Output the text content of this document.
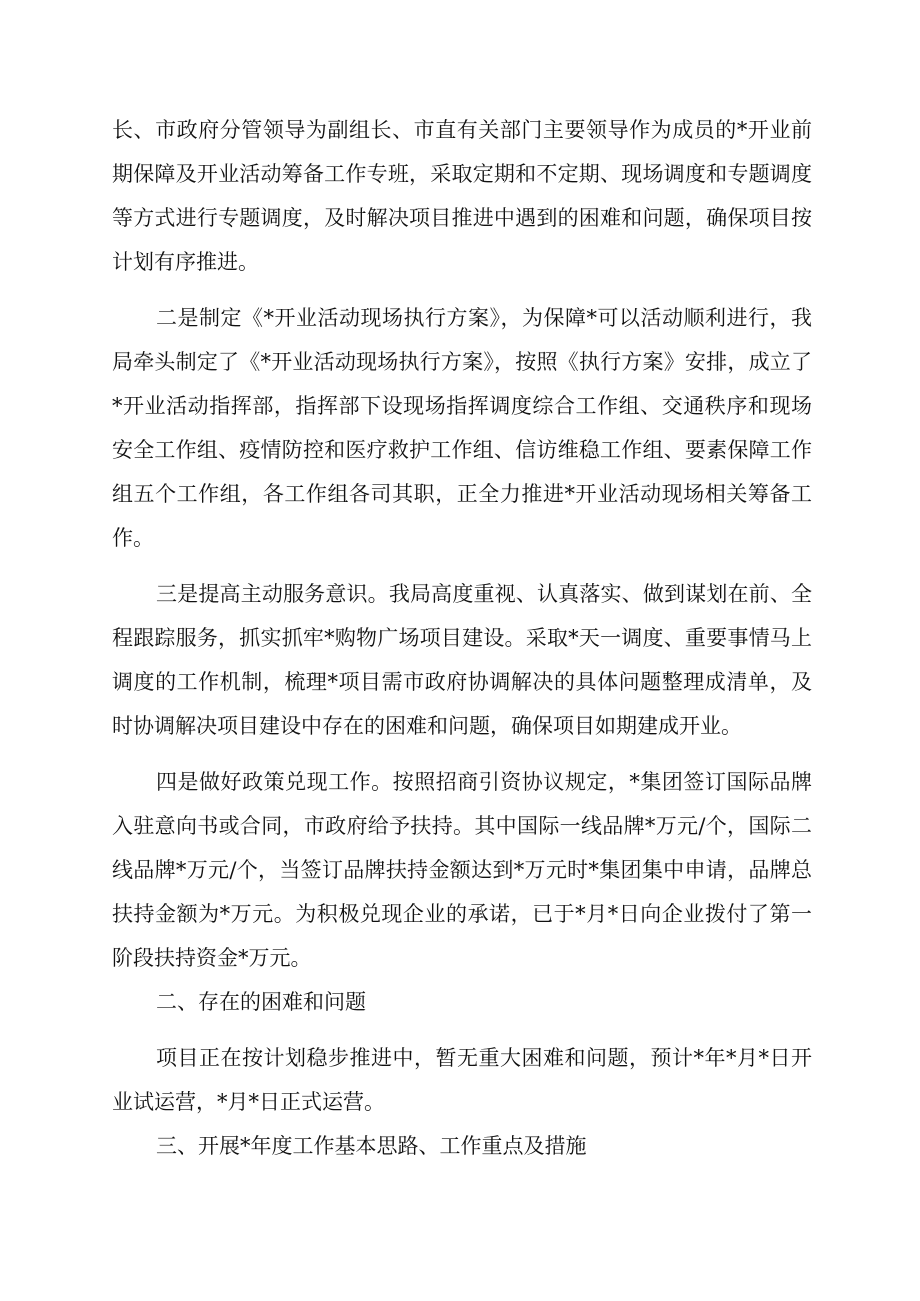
长、市政府分管领导为副组长、市直有关部门主要领导作为成员的*开业前期保障及开业活动筹备工作专班，采取定期和不定期、现场调度和专题调度等方式进行专题调度，及时解决项目推进中遇到的困难和问题，确保项目按计划有序推进。

二是制定《*开业活动现场执行方案》，为保障*可以活动顺利进行，我局牵头制定了《*开业活动现场执行方案》，按照《执行方案》安排，成立了*开业活动指挥部，指挥部下设现场指挥调度综合工作组、交通秩序和现场安全工作组、疫情防控和医疗救护工作组、信访维稳工作组、要素保障工作组五个工作组，各工作组各司其职，正全力推进*开业活动现场相关筹备工作。

三是提高主动服务意识。我局高度重视、认真落实、做到谋划在前、全程跟踪服务，抓实抓牢*购物广场项目建设。采取*天一调度、重要事情马上调度的工作机制，梳理*项目需市政府协调解决的具体问题整理成清单，及时协调解决项目建设中存在的困难和问题，确保项目如期建成开业。

四是做好政策兑现工作。按照招商引资协议规定，*集团签订国际品牌入驻意向书或合同，市政府给予扶持。其中国际一线品牌*万元/个，国际二线品牌*万元/个，当签订品牌扶持金额达到*万元时*集团集中申请，品牌总扶持金额为*万元。为积极兑现企业的承诺，已于*月*日向企业拨付了第一阶段扶持资金*万元。

二、存在的困难和问题

项目正在按计划稳步推进中，暂无重大困难和问题，预计*年*月*日开业试运营，*月*日正式运营。

三、开展*年度工作基本思路、工作重点及措施
